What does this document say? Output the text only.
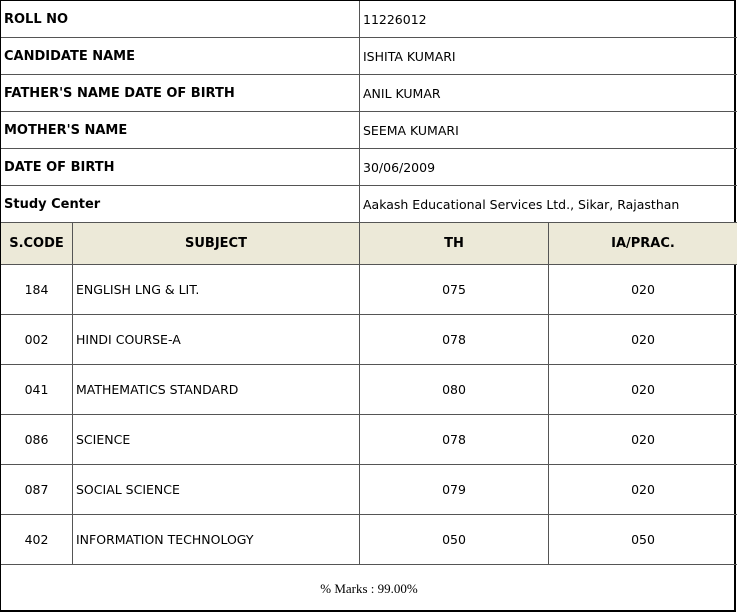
ROLL NO	11226012
CANDIDATE NAME	ISHITA KUMARI
FATHER'S NAME DATE OF BIRTH	ANIL KUMAR
MOTHER'S NAME	SEEMA KUMARI
DATE OF BIRTH	30/06/2009
Study Center	Aakash Educational Services Ltd., Sikar, Rajasthan
S.CODE	SUBJECT	TH	IA/PRAC.
184	ENGLISH LNG & LIT.	075	020
002	HINDI COURSE-A	078	020
041	MATHEMATICS STANDARD	080	020
086	SCIENCE	078	020
087	SOCIAL SCIENCE	079	020
402	INFORMATION TECHNOLOGY	050	050
% Marks : 99.00%
